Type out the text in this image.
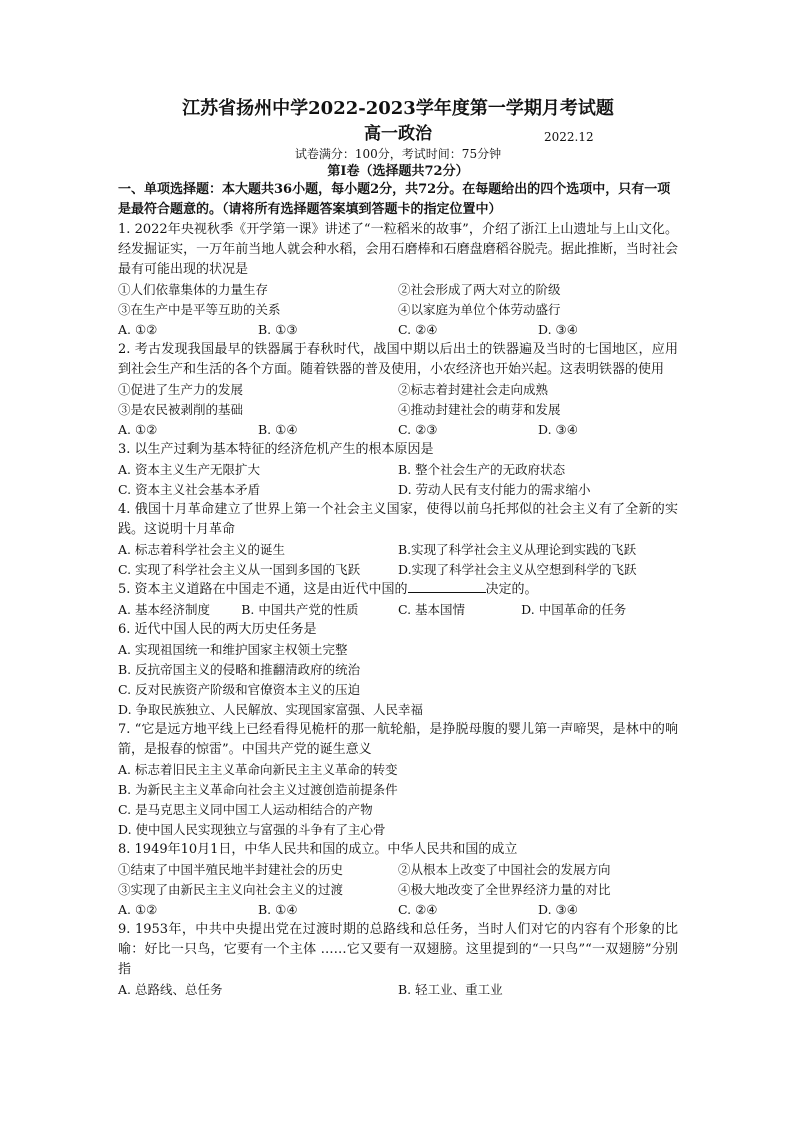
江苏省扬州中学2022-2023学年度第一学期月考试题
高一政治	2022.12
试卷满分：100分，考试时间：75分钟
第Ⅰ卷（选择题共72分）
一、单项选择题：本大题共36小题，每小题2分，共72分。在每题给出的四个选项中，只有一项是最符合题意的。（请将所有选择题答案填到答题卡的指定位置中）
1. 2022年央视秋季《开学第一课》讲述了“一粒稻米的故事”，介绍了浙江上山遗址与上山文化。经发掘证实，一万年前当地人就会种水稻，会用石磨棒和石磨盘磨稻谷脱壳。据此推断，当时社会最有可能出现的状况是
①人们依靠集体的力量生存	②社会形成了两大对立的阶级
③在生产中是平等互助的关系	④以家庭为单位个体劳动盛行
A. ①②	B. ①③	C. ②④	D. ③④
2. 考古发现我国最早的铁器属于春秋时代，战国中期以后出土的铁器遍及当时的七国地区，应用到社会生产和生活的各个方面。随着铁器的普及使用，小农经济也开始兴起。这表明铁器的使用
①促进了生产力的发展	②标志着封建社会走向成熟
③是农民被剥削的基础	④推动封建社会的萌芽和发展
A. ①②	B. ①④	C. ②③	D. ③④
3. 以生产过剩为基本特征的经济危机产生的根本原因是
A. 资本主义生产无限扩大	B. 整个社会生产的无政府状态
C. 资本主义社会基本矛盾	D. 劳动人民有支付能力的需求缩小
4. 俄国十月革命建立了世界上第一个社会主义国家，使得以前乌托邦似的社会主义有了全新的实践。这说明十月革命
A. 标志着科学社会主义的诞生	B.实现了科学社会主义从理论到实践的飞跃
C. 实现了科学社会主义从一国到多国的飞跃	D.实现了科学社会主义从空想到科学的飞跃
5. 资本主义道路在中国走不通，这是由近代中国的	决定的。
A. 基本经济制度	B. 中国共产党的性质	C. 基本国情	D. 中国革命的任务
6. 近代中国人民的两大历史任务是
A. 实现祖国统一和维护国家主权领土完整
B. 反抗帝国主义的侵略和推翻清政府的统治
C. 反对民族资产阶级和官僚资本主义的压迫
D. 争取民族独立、人民解放、实现国家富强、人民幸福
7. “它是远方地平线上已经看得见桅杆的那一航轮船，是挣脱母腹的婴儿第一声啼哭，是林中的响箭，是报春的惊雷”。中国共产党的诞生意义
A. 标志着旧民主主义革命向新民主主义革命的转变
B. 为新民主主义革命向社会主义过渡创造前提条件
C. 是马克思主义同中国工人运动相结合的产物
D. 使中国人民实现独立与富强的斗争有了主心骨
8. 1949年10月1日，中华人民共和国的成立。中华人民共和国的成立
①结束了中国半殖民地半封建社会的历史	②从根本上改变了中国社会的发展方向
③实现了由新民主主义向社会主义的过渡	④极大地改变了全世界经济力量的对比
A. ①②	B. ①④	C. ②④	D. ③④
9. 1953年，中共中央提出党在过渡时期的总路线和总任务，当时人们对它的内容有个形象的比喻：好比一只鸟，它要有一个主体 ……它又要有一双翅膀。这里提到的“一只鸟”“一双翅膀”分别指
A. 总路线、总任务	B. 轻工业、重工业
